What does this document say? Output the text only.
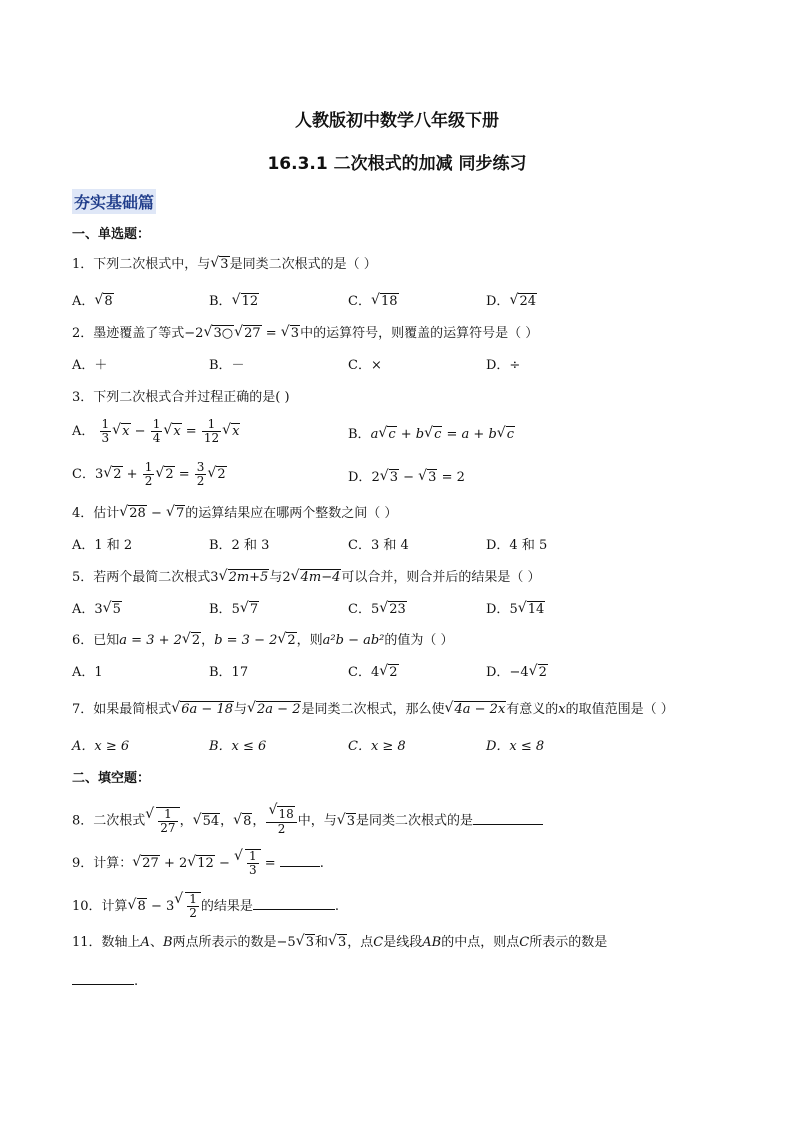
人教版初中数学八年级下册
16.3.1 二次根式的加减 同步练习
夯实基础篇
一、单选题：
1．下列二次根式中，与 √ 3是同类二次根式的是（ ）
A． √ 8	B． √ 12	C． √ 18	D． √ 24
2．墨迹覆盖了等式−2 √ 3○ √ 27 = √ 3中的运算符号，则覆盖的运算符号是（ ）
A．＋	B．－	C．×	D．÷
3．下列二次根式合并过程正确的是( )
A． $\frac{1}{3}$ √ $x - \frac{1}{4}$ √ $x = \frac{1}{12}$ √ x	B．a √ c + b √ c = a + b √ c
C．3 √ $2 + \frac{1}{2}$ √ $2 = \frac{3}{2}$ √ 2	D．2 √ 3 − √ 3 = 2
4．估计 √ 28 − √ 7的运算结果应在哪两个整数之间（ ）
A．1 和 2	B．2 和 3	C．3 和 4	D．4 和 5
5．若两个最简二次根式3 √ 2m+5与2 √ 4m−4可以合并，则合并后的结果是（ ）
A．3 √ 5	B．5 √ 7	C．5 √ 23	D．5 √ 14
6．已知a = 3 + 2 √ 2，b = 3 − 2 √ 2，则a²b − ab²的值为（ ）
A．1	B．17	C．4 √ 2	D．−4 √ 2
7．如果最简根式 √ 6a − 18与 √ 2a − 2是同类二次根式，那么使 √ 4a − 2x有意义的x的取值范围是（ ）
A．x ≥ 6	B．x ≤ 6	C．x ≥ 8	D．x ≤ 8
二、填空题：
8．二次根式 √ $\frac{1}{27}$ ， √ 54， √ 8， √ $\frac{18}{2}$ 中，与 √ 3是同类二次根式的是
9．计算： √ 27 + 2 √ 12 − √ $\frac{1}{3}$ =	.
10．计算 √ 8 − 3 √ $\frac{1}{2}$ 的结果是	.
11．数轴上A、B两点所表示的数是−5 √ 3和 √ 3，点C是线段AB的中点，则点C所表示的数是
.
